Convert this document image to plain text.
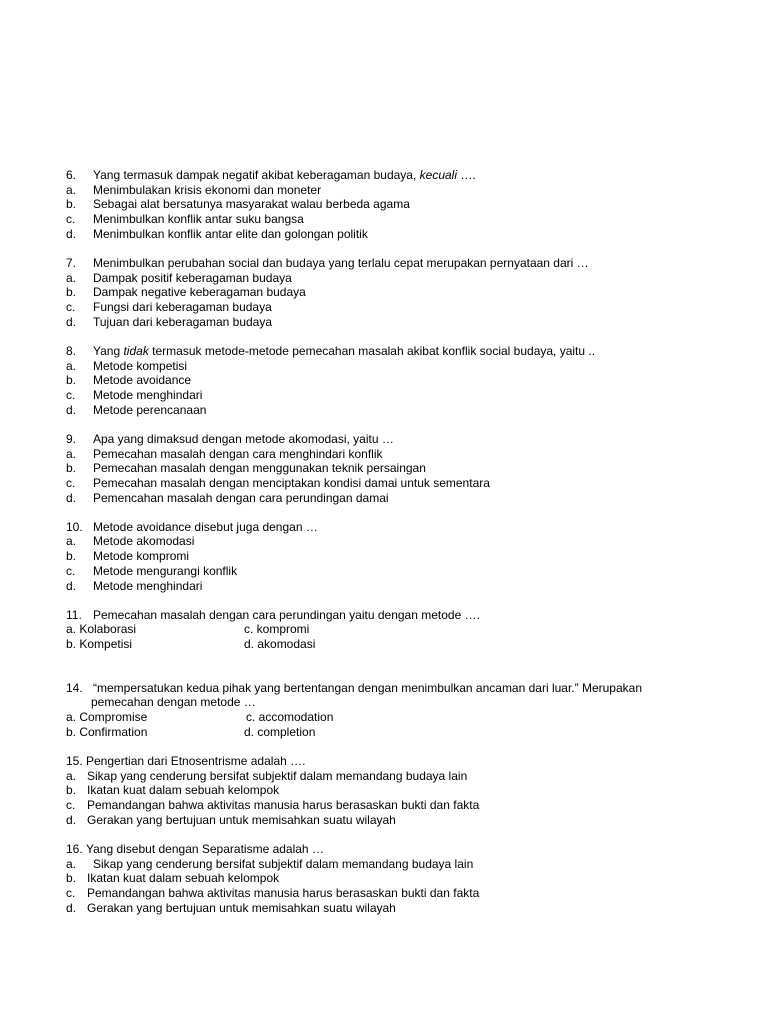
6. Yang termasuk dampak negatif akibat keberagaman budaya, kecuali ….
a. Menimbulakan krisis ekonomi dan moneter
b. Sebagai alat bersatunya masyarakat walau berbeda agama
c. Menimbulkan konflik antar suku bangsa
d. Menimbulkan konflik antar elite dan golongan politik
7. Menimbulkan perubahan social dan budaya yang terlalu cepat merupakan pernyataan dari …
a. Dampak positif keberagaman budaya
b. Dampak negative keberagaman budaya
c. Fungsi dari keberagaman budaya
d. Tujuan dari keberagaman budaya
8. Yang tidak termasuk metode-metode pemecahan masalah akibat konflik social budaya, yaitu ..
a. Metode kompetisi
b. Metode avoidance
c. Metode menghindari
d. Metode perencanaan
9. Apa yang dimaksud dengan metode akomodasi, yaitu …
a. Pemecahan masalah dengan cara menghindari konflik
b. Pemecahan masalah dengan menggunakan teknik persaingan
c. Pemecahan masalah dengan menciptakan kondisi damai untuk sementara
d. Pemencahan masalah dengan cara perundingan damai
10. Metode avoidance disebut juga dengan …
a. Metode akomodasi
b. Metode kompromi
c. Metode mengurangi konflik
d. Metode menghindari
11. Pemecahan masalah dengan cara perundingan yaitu dengan metode ….
a. Kolaborasi	c. kompromi
b. Kompetisi	d. akomodasi
14. “mempersatukan kedua pihak yang bertentangan dengan menimbulkan ancaman dari luar.” Merupakan
pemecahan dengan metode …
a. Compromise	c. accomodation
b. Confirmation	d. completion
15. Pengertian dari Etnosentrisme adalah ….
a. Sikap yang cenderung bersifat subjektif dalam memandang budaya lain
b. Ikatan kuat dalam sebuah kelompok
c. Pemandangan bahwa aktivitas manusia harus berasaskan bukti dan fakta
d. Gerakan yang bertujuan untuk memisahkan suatu wilayah
16. Yang disebut dengan Separatisme adalah …
a. Sikap yang cenderung bersifat subjektif dalam memandang budaya lain
b. Ikatan kuat dalam sebuah kelompok
c. Pemandangan bahwa aktivitas manusia harus berasaskan bukti dan fakta
d. Gerakan yang bertujuan untuk memisahkan suatu wilayah
